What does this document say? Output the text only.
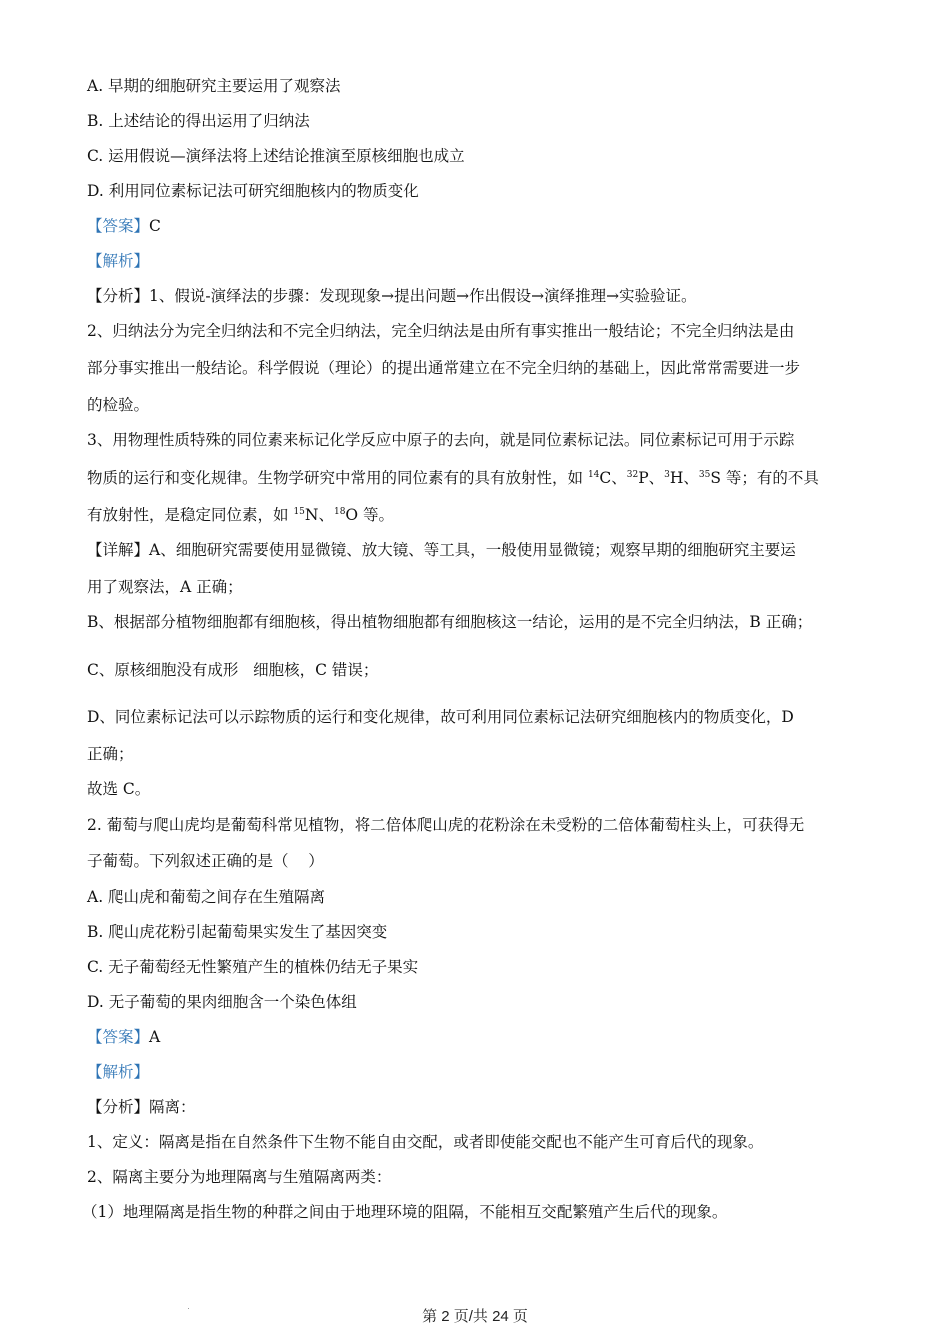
A. 早期的细胞研究主要运用了观察法
B. 上述结论的得出运用了归纳法
C. 运用假说—演绎法将上述结论推演至原核细胞也成立
D. 利用同位素标记法可研究细胞核内的物质变化
【答案】C
【解析】
【分析】1、假说-演绎法的步骤：发现现象→提出问题→作出假设→演绎推理→实验验证。
2、归纳法分为完全归纳法和不完全归纳法，完全归纳法是由所有事实推出一般结论；不完全归纳法是由
部分事实推出一般结论。科学假说（理论）的提出通常建立在不完全归纳的基础上，因此常常需要进一步
的检验。
3、用物理性质特殊的同位素来标记化学反应中原子的去向，就是同位素标记法。同位素标记可用于示踪
物质的运行和变化规律。生物学研究中常用的同位素有的具有放射性，如 $^{14}$C、$^{32}$P、$^3$H、$^{35}$S 等；有的不具
有放射性，是稳定同位素，如 $^{15}$N、$^{18}$O 等。
【详解】A、细胞研究需要使用显微镜、放大镜、等工具，一般使用显微镜；观察早期的细胞研究主要运
用了观察法，A 正确；
B、根据部分植物细胞都有细胞核，得出植物细胞都有细胞核这一结论，运用的是不完全归纳法，B 正确；
C、原核细胞没有成形   细胞核，C 错误；
D、同位素标记法可以示踪物质的运行和变化规律，故可利用同位素标记法研究细胞核内的物质变化，D
正确；
故选 C。
2. 葡萄与爬山虎均是葡萄科常见植物，将二倍体爬山虎的花粉涂在未受粉的二倍体葡萄柱头上，可获得无
子葡萄。下列叙述正确的是（    ）
A. 爬山虎和葡萄之间存在生殖隔离
B. 爬山虎花粉引起葡萄果实发生了基因突变
C. 无子葡萄经无性繁殖产生的植株仍结无子果实
D. 无子葡萄的果肉细胞含一个染色体组
【答案】A
【解析】
【分析】隔离：
1、定义：隔离是指在自然条件下生物不能自由交配，或者即使能交配也不能产生可育后代的现象。
2、隔离主要分为地理隔离与生殖隔离两类：
（1）地理隔离是指生物的种群之间由于地理环境的阻隔，不能相互交配繁殖产生后代的现象。
第 2 页/共 24 页
